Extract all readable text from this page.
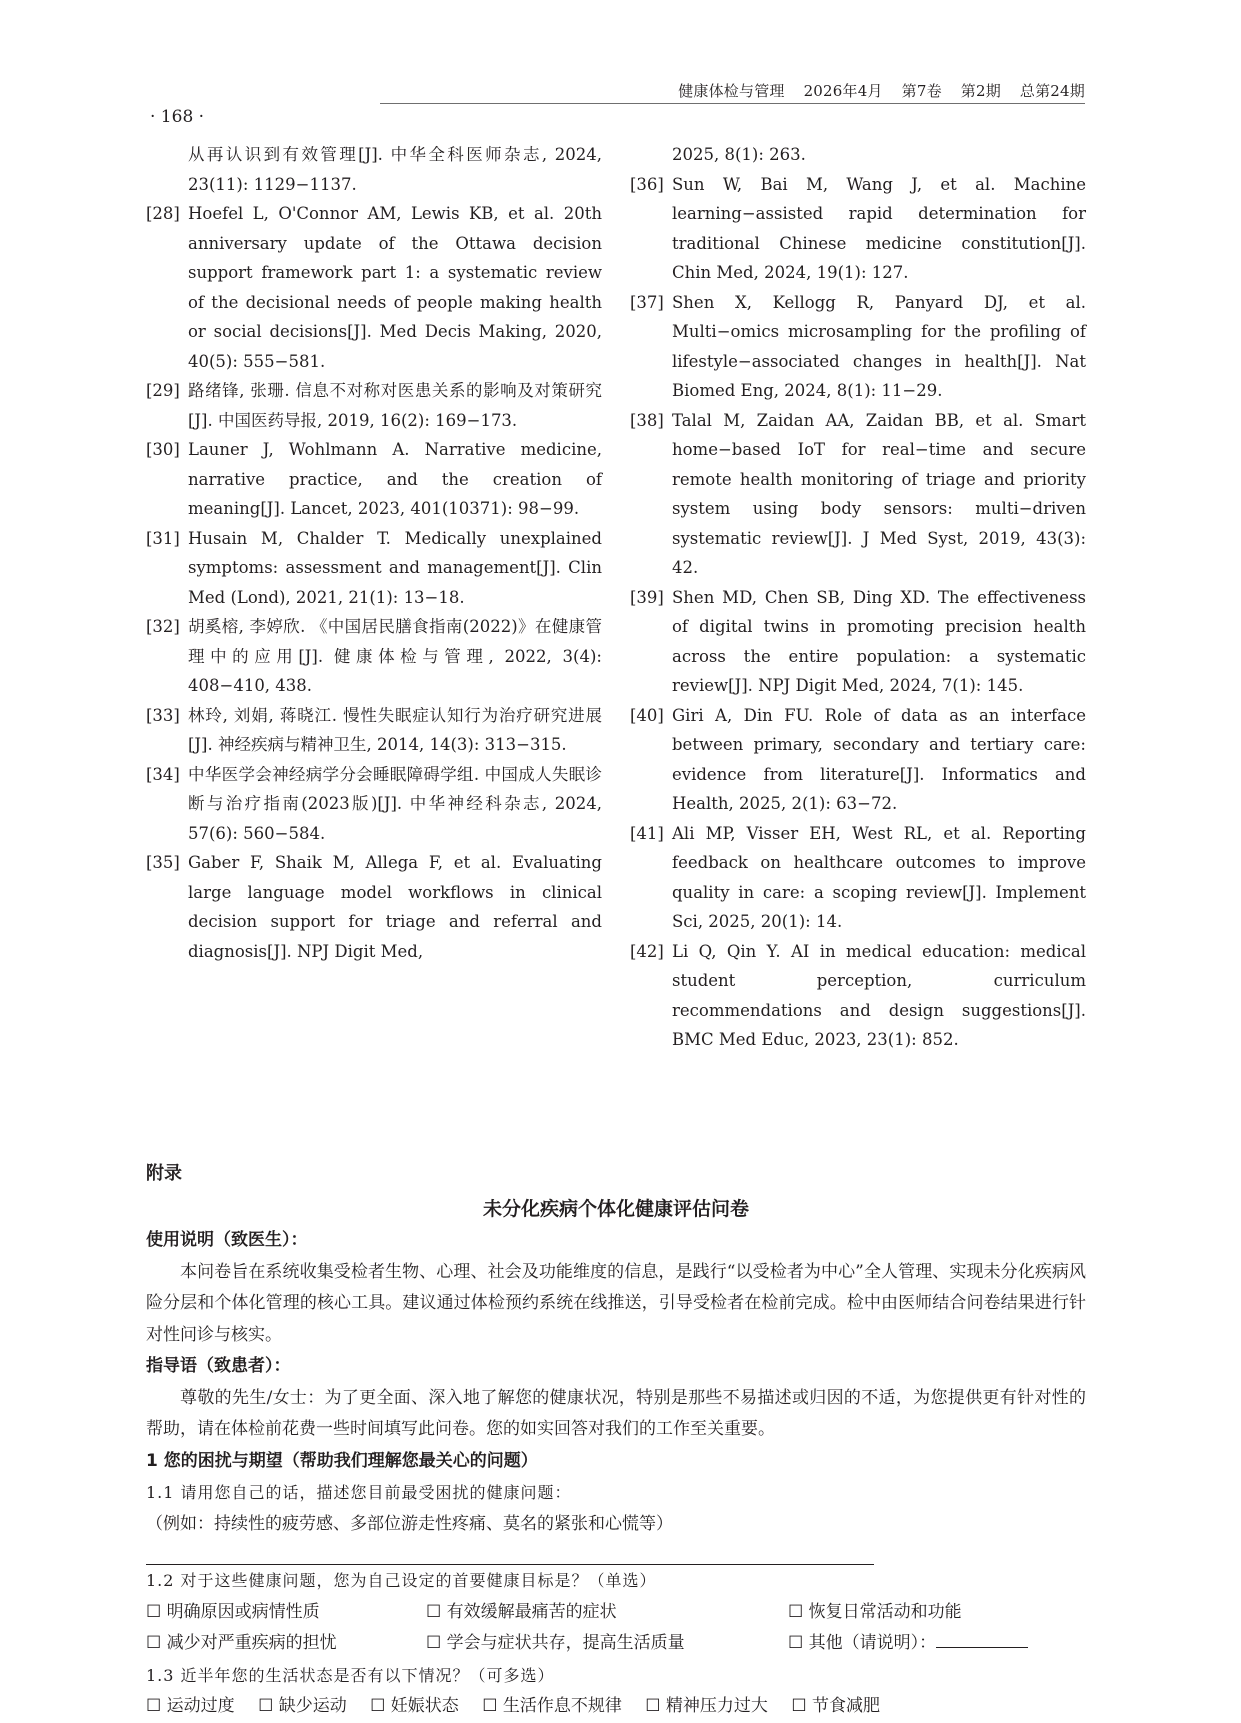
健康体检与管理 2026年4月 第7卷 第2期 总第24期
· 168 ·
从再认识到有效管理[J]. 中华全科医师杂志, 2024, 23(11): 1129−1137.
[28] Hoefel L, O'Connor AM, Lewis KB, et al. 20th anniversary update of the Ottawa decision support framework part 1: a systematic review of the decisional needs of people making health or social decisions[J]. Med Decis Making, 2020, 40(5): 555−581.
[29] 路绪锋, 张珊. 信息不对称对医患关系的影响及对策研究[J]. 中国医药导报, 2019, 16(2): 169−173.
[30] Launer J, Wohlmann A. Narrative medicine, narrative practice, and the creation of meaning[J]. Lancet, 2023, 401(10371): 98−99.
[31] Husain M, Chalder T. Medically unexplained symptoms: assessment and management[J]. Clin Med (Lond), 2021, 21(1): 13−18.
[32] 胡奚榕, 李婷欣. 《中国居民膳食指南(2022)》在健康管理中的应用[J]. 健康体检与管理, 2022, 3(4): 408−410, 438.
[33] 林玲, 刘娟, 蒋晓江. 慢性失眠症认知行为治疗研究进展[J]. 神经疾病与精神卫生, 2014, 14(3): 313−315.
[34] 中华医学会神经病学分会睡眠障碍学组. 中国成人失眠诊断与治疗指南(2023版)[J]. 中华神经科杂志, 2024, 57(6): 560−584.
[35] Gaber F, Shaik M, Allega F, et al. Evaluating large language model workflows in clinical decision support for triage and referral and diagnosis[J]. NPJ Digit Med,
2025, 8(1): 263.
[36] Sun W, Bai M, Wang J, et al. Machine learning−assisted rapid determination for traditional Chinese medicine constitution[J]. Chin Med, 2024, 19(1): 127.
[37] Shen X, Kellogg R, Panyard DJ, et al. Multi−omics microsampling for the profiling of lifestyle−associated changes in health[J]. Nat Biomed Eng, 2024, 8(1): 11−29.
[38] Talal M, Zaidan AA, Zaidan BB, et al. Smart home−based IoT for real−time and secure remote health monitoring of triage and priority system using body sensors: multi−driven systematic review[J]. J Med Syst, 2019, 43(3): 42.
[39] Shen MD, Chen SB, Ding XD. The effectiveness of digital twins in promoting precision health across the entire population: a systematic review[J]. NPJ Digit Med, 2024, 7(1): 145.
[40] Giri A, Din FU. Role of data as an interface between primary, secondary and tertiary care: evidence from literature[J]. Informatics and Health, 2025, 2(1): 63−72.
[41] Ali MP, Visser EH, West RL, et al. Reporting feedback on healthcare outcomes to improve quality in care: a scoping review[J]. Implement Sci, 2025, 20(1): 14.
[42] Li Q, Qin Y. AI in medical education: medical student perception, curriculum recommendations and design suggestions[J]. BMC Med Educ, 2023, 23(1): 852.
附录
未分化疾病个体化健康评估问卷
使用说明（致医生）：
本问卷旨在系统收集受检者生物、心理、社会及功能维度的信息，是践行“以受检者为中心”全人管理、实现未分化疾病风险分层和个体化管理的核心工具。建议通过体检预约系统在线推送，引导受检者在检前完成。检中由医师结合问卷结果进行针对性问诊与核实。
指导语（致患者）：
尊敬的先生/女士：为了更全面、深入地了解您的健康状况，特别是那些不易描述或归因的不适，为您提供更有针对性的帮助，请在体检前花费一些时间填写此问卷。您的如实回答对我们的工作至关重要。
1 您的困扰与期望（帮助我们理解您最关心的问题）
1.1 请用您自己的话，描述您目前最受困扰的健康问题：
（例如：持续性的疲劳感、多部位游走性疼痛、莫名的紧张和心慌等）
1.2 对于这些健康问题，您为自己设定的首要健康目标是？（单选）
☐ 明确原因或病情性质	☐ 有效缓解最痛苦的症状	☐ 恢复日常活动和功能
☐ 减少对严重疾病的担忧	☐ 学会与症状共存，提高生活质量	☐ 其他（请说明）：
1.3 近半年您的生活状态是否有以下情况？（可多选）
☐ 运动过度 ☐ 缺少运动 ☐ 妊娠状态 ☐ 生活作息不规律 ☐ 精神压力过大 ☐ 节食减肥
